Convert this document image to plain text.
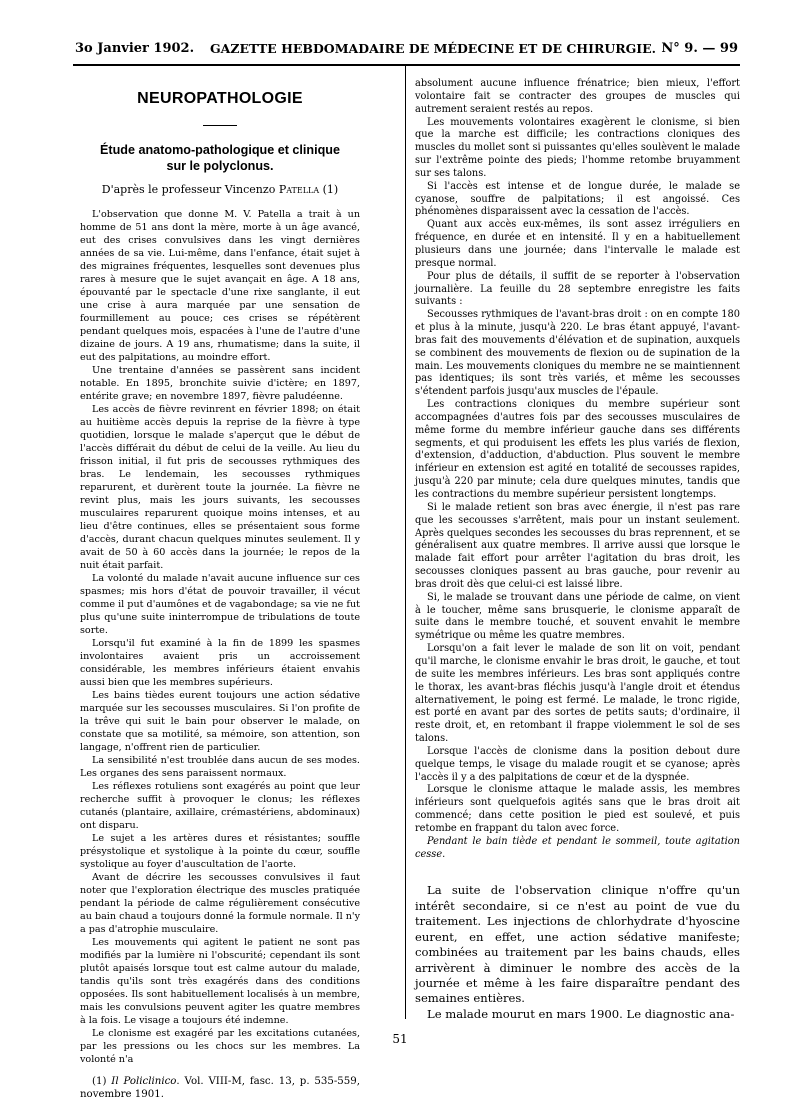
3o Janvier 1902. GAZETTE HEBDOMADAIRE DE MÉDECINE ET DE CHIRURGIE. N° 9. — 99
NEUROPATHOLOGIE
Étude anatomo-pathologique et clinique
sur le polyclonus.
D'après le professeur Vincenzo Patella (1)

L'observation que donne M. V. Patella a trait à un homme de 51 ans dont la mère, morte à un âge avancé, eut des crises convulsives dans les vingt dernières années de sa vie. Lui-même, dans l'enfance, était sujet à des migraines fréquentes, lesquelles sont devenues plus rares à mesure que le sujet avançait en âge. A 18 ans, épouvanté par le spectacle d'une rixe sanglante, il eut une crise à aura marquée par une sensation de fourmillement au pouce; ces crises se répétèrent pendant quelques mois, espacées à l'une de l'autre d'une dizaine de jours. A 19 ans, rhumatisme; dans la suite, il eut des palpitations, au moindre effort.

Une trentaine d'années se passèrent sans incident notable. En 1895, bronchite suivie d'ictère; en 1897, entérite grave; en novembre 1897, fièvre paludéenne.

Les accès de fièvre revinrent en février 1898; on était au huitième accès depuis la reprise de la fièvre à type quotidien, lorsque le malade s'aperçut que le début de l'accès différait du début de celui de la veille. Au lieu du frisson initial, il fut pris de secousses rythmiques des bras. Le lendemain, les secousses rythmiques reparurent, et durèrent toute la journée. La fièvre ne revint plus, mais les jours suivants, les secousses musculaires reparurent quoique moins intenses, et au lieu d'être continues, elles se présentaient sous forme d'accès, durant chacun quelques minutes seulement. Il y avait de 50 à 60 accès dans la journée; le repos de la nuit était parfait.

La volonté du malade n'avait aucune influence sur ces spasmes; mis hors d'état de pouvoir travailler, il vécut comme il put d'aumônes et de vagabondage; sa vie ne fut plus qu'une suite ininterrompue de tribulations de toute sorte.

Lorsqu'il fut examiné à la fin de 1899 les spasmes involontaires avaient pris un accroissement considérable, les membres inférieurs étaient envahis aussi bien que les membres supérieurs.

Les bains tièdes eurent toujours une action sédative marquée sur les secousses musculaires. Si l'on profite de la trêve qui suit le bain pour observer le malade, on constate que sa motilité, sa mémoire, son attention, son langage, n'offrent rien de particulier.

La sensibilité n'est troublée dans aucun de ses modes. Les organes des sens paraissent normaux.

Les réflexes rotuliens sont exagérés au point que leur recherche suffit à provoquer le clonus; les réflexes cutanés (plantaire, axillaire, crémastériens, abdominaux) ont disparu.

Le sujet a les artères dures et résistantes; souffle présystolique et systolique à la pointe du cœur, souffle systolique au foyer d'auscultation de l'aorte.

Avant de décrire les secousses convulsives il faut noter que l'exploration électrique des muscles pratiquée pendant la période de calme régulièrement consécutive au bain chaud a toujours donné la formule normale. Il n'y a pas d'atrophie musculaire.

Les mouvements qui agitent le patient ne sont pas modifiés par la lumière ni l'obscurité; cependant ils sont plutôt apaisés lorsque tout est calme autour du malade, tandis qu'ils sont très exagérés dans des conditions opposées. Ils sont habituellement localisés à un membre, mais les convulsions peuvent agiter les quatre membres à la fois. Le visage a toujours été indemne.

Le clonisme est exagéré par les excitations cutanées, par les pressions ou les chocs sur les membres. La volonté n'a

(1) Il Policlinico. Vol. VIII-M, fasc. 13, p. 535-559, novembre 1901.

absolument aucune influence frénatrice; bien mieux, l'effort volontaire fait se contracter des groupes de muscles qui autrement seraient restés au repos.

Les mouvements volontaires exagèrent le clonisme, si bien que la marche est difficile; les contractions cloniques des muscles du mollet sont si puissantes qu'elles soulèvent le malade sur l'extrême pointe des pieds; l'homme retombe bruyamment sur ses talons.

Si l'accès est intense et de longue durée, le malade se cyanose, souffre de palpitations; il est angoissé. Ces phénomènes disparaissent avec la cessation de l'accès.

Quant aux accès eux-mêmes, ils sont assez irréguliers en fréquence, en durée et en intensité. Il y en a habituellement plusieurs dans une journée; dans l'intervalle le malade est presque normal.

Pour plus de détails, il suffit de se reporter à l'observation journalière. La feuille du 28 septembre enregistre les faits suivants :

Secousses rythmiques de l'avant-bras droit : on en compte 180 et plus à la minute, jusqu'à 220. Le bras étant appuyé, l'avant-bras fait des mouvements d'élévation et de supination, auxquels se combinent des mouvements de flexion ou de supination de la main. Les mouvements cloniques du membre ne se maintiennent pas identiques; ils sont très variés, et même les secousses s'étendent parfois jusqu'aux muscles de l'épaule.

Les contractions cloniques du membre supérieur sont accompagnées d'autres fois par des secousses musculaires de même forme du membre inférieur gauche dans ses différents segments, et qui produisent les effets les plus variés de flexion, d'extension, d'adduction, d'abduction. Plus souvent le membre inférieur en extension est agité en totalité de secousses rapides, jusqu'à 220 par minute; cela dure quelques minutes, tandis que les contractions du membre supérieur persistent longtemps.

Si le malade retient son bras avec énergie, il n'est pas rare que les secousses s'arrêtent, mais pour un instant seulement. Après quelques secondes les secousses du bras reprennent, et se généralisent aux quatre membres. Il arrive aussi que lorsque le malade fait effort pour arrêter l'agitation du bras droit, les secousses cloniques passent au bras gauche, pour revenir au bras droit dès que celui-ci est laissé libre.

Si, le malade se trouvant dans une période de calme, on vient à le toucher, même sans brusquerie, le clonisme apparaît de suite dans le membre touché, et souvent envahit le membre symétrique ou même les quatre membres.

Lorsqu'on a fait lever le malade de son lit on voit, pendant qu'il marche, le clonisme envahir le bras droit, le gauche, et tout de suite les membres inférieurs. Les bras sont appliqués contre le thorax, les avant-bras fléchis jusqu'à l'angle droit et étendus alternativement, le poing est fermé. Le malade, le tronc rigide, est porté en avant par des sortes de petits sauts; d'ordinaire, il reste droit, et, en retombant il frappe violemment le sol de ses talons.

Lorsque l'accès de clonisme dans la position debout dure quelque temps, le visage du malade rougit et se cyanose; après l'accès il y a des palpitations de cœur et de la dyspnée.

Lorsque le clonisme attaque le malade assis, les membres inférieurs sont quelquefois agités sans que le bras droit ait commencé; dans cette position le pied est soulevé, et puis retombe en frappant du talon avec force.

Pendant le bain tiède et pendant le sommeil, toute agitation cesse.

La suite de l'observation clinique n'offre qu'un intérêt secondaire, si ce n'est au point de vue du traitement. Les injections de chlorhydrate d'hyoscine eurent, en effet, une action sédative manifeste; combinées au traitement par les bains chauds, elles arrivèrent à diminuer le nombre des accès de la journée et même à les faire disparaître pendant des semaines entières.

Le malade mourut en mars 1900. Le diagnostic ana-

51
